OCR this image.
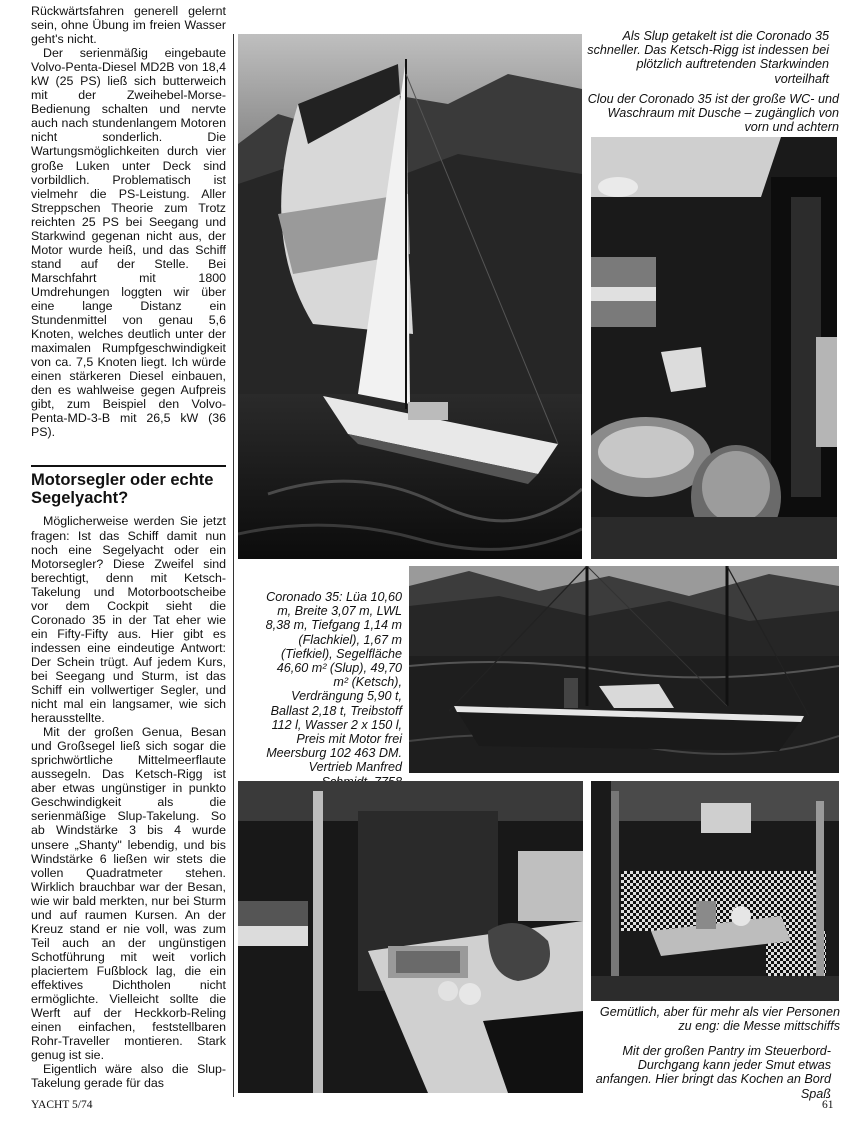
Rückwärtsfahren generell gelernt sein, ohne Übung im freien Wasser geht's nicht.

Der serienmäßig eingebaute Volvo-Penta-Diesel MD2B von 18,4 kW (25 PS) ließ sich butterweich mit der Zweihebel-Morse-Bedienung schalten und nervte auch nach stundenlangem Motoren nicht sonderlich. Die Wartungsmöglichkeiten durch vier große Luken unter Deck sind vorbildlich. Problematisch ist vielmehr die PS-Leistung. Aller Streppschen Theorie zum Trotz reichten 25 PS bei Seegang und Starkwind gegenan nicht aus, der Motor wurde heiß, und das Schiff stand auf der Stelle. Bei Marschfahrt mit 1800 Umdrehungen loggten wir über eine lange Distanz ein Stundenmittel von genau 5,6 Knoten, welches deutlich unter der maximalen Rumpfgeschwindigkeit von ca. 7,5 Knoten liegt. Ich würde einen stärkeren Diesel einbauen, den es wahlweise gegen Aufpreis gibt, zum Beispiel den Volvo-Penta-MD-3-B mit 26,5 kW (36 PS).

Motorsegler oder echte Segelyacht?

Möglicherweise werden Sie jetzt fragen: Ist das Schiff damit nun noch eine Segelyacht oder ein Motorsegler? Diese Zweifel sind berechtigt, denn mit Ketsch-Takelung und Motorbootscheibe vor dem Cockpit sieht die Coronado 35 in der Tat eher wie ein Fifty-Fifty aus. Hier gibt es indessen eine eindeutige Antwort: Der Schein trügt. Auf jedem Kurs, bei Seegang und Sturm, ist das Schiff ein vollwertiger Segler, und nicht mal ein langsamer, wie sich herausstellte.

Mit der großen Genua, Besan und Großsegel ließ sich sogar die sprichwörtliche Mittelmeerflaute aussegeln. Das Ketsch-Rigg ist aber etwas ungünstiger in punkto Geschwindigkeit als die serienmäßige Slup-Takelung. So ab Windstärke 3 bis 4 wurde unsere „Shanty" lebendig, und bis Windstärke 6 ließen wir stets die vollen Quadratmeter stehen. Wirklich brauchbar war der Besan, wie wir bald merkten, nur bei Sturm und auf raumen Kursen. An der Kreuz stand er nie voll, was zum Teil auch an der ungünstigen Schotführung mit weit vorlich placiertem Fußblock lag, die ein effektives Dichtholen nicht ermöglichte. Vielleicht sollte die Werft auf der Heckkorb-Reling einen einfachen, feststellbaren Rohr-Traveller montieren. Stark genug ist sie.

Eigentlich wäre also die Slup-Takelung gerade für das

Als Slup getakelt ist die Coronado 35 schneller. Das Ketsch-Rigg ist indessen bei plötzlich auftretenden Starkwinden vorteilhaft
Clou der Coronado 35 ist der große WC- und Waschraum mit Dusche – zugänglich von vorn und achtern
Coronado 35: Lüa 10,60 m, Breite 3,07 m, LWL 8,38 m, Tiefgang 1,14 m (Flachkiel), 1,67 m (Tiefkiel), Segelfläche 46,60 m² (Slup), 49,70 m² (Ketsch), Verdrängung 5,90 t, Ballast 2,18 t, Treibstoff 112 l, Wasser 2 x 150 l, Preis mit Motor frei Meersburg 102 463 DM. Vertrieb Manfred
Gemütlich, aber für mehr als vier Personen zu eng: die Messe mittschiffs
Mit der großen Pantry im Steuerbord-Durchgang kann jeder Smut etwas anfangen. Hier bringt das Kochen an Bord Spaß
YACHT 5/74	61
